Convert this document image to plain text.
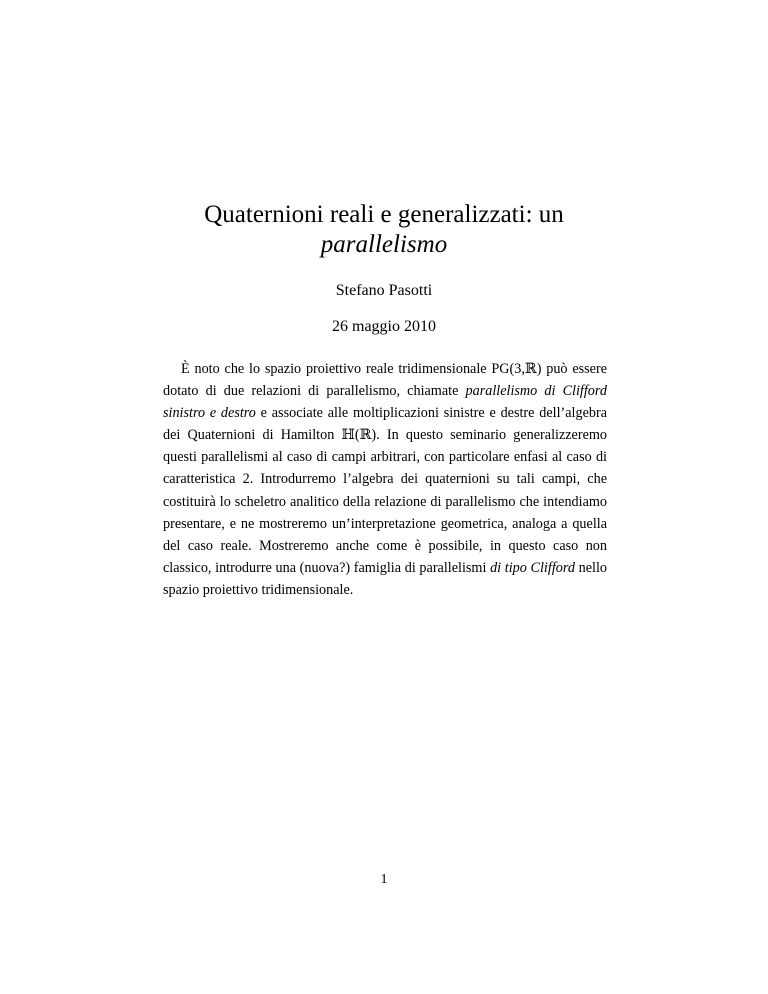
Quaternioni reali e generalizzati: un
parallelismo
Stefano Pasotti
26 maggio 2010
È noto che lo spazio proiettivo reale tridimensionale PG(3,ℝ) può essere dotato di due relazioni di parallelismo, chiamate parallelismo di Clifford sinistro e destro e associate alle moltiplicazioni sinistre e destre dell’algebra dei Quaternioni di Hamilton ℍ(ℝ). In questo seminario generalizzeremo questi parallelismi al caso di campi arbitrari, con particolare enfasi al caso di caratteristica 2. Introdurremo l’algebra dei quaternioni su tali campi, che costituirà lo scheletro analitico della relazione di parallelismo che intendiamo presentare, e ne mostreremo un’interpretazione geometrica, analoga a quella del caso reale. Mostreremo anche come è possibile, in questo caso non classico, introdurre una (nuova?) famiglia di parallelismi di tipo Clifford nello spazio proiettivo tridimensionale.
1
